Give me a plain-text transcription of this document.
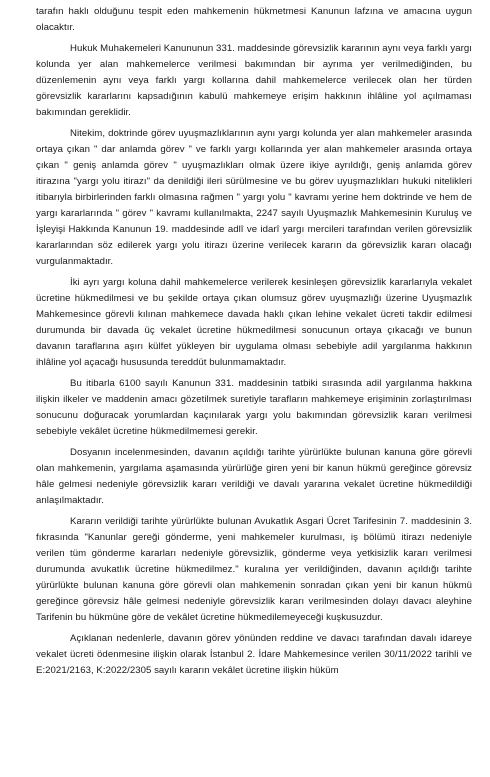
tarafın haklı olduğunu tespit eden mahkemenin hükmetmesi Kanunun lafzına ve amacına uygun olacaktır.

Hukuk Muhakemeleri Kanununun 331. maddesinde görevsizlik kararının aynı veya farklı yargı kolunda yer alan mahkemelerce verilmesi bakımından bir ayrıma yer verilmediğinden, bu düzenlemenin aynı veya farklı yargı kollarına dahil mahkemelerce verilecek olan her türden görevsizlik kararlarını kapsadığının kabulü mahkemeye erişim hakkının ihlâline yol açılmaması bakımından gereklidir.

Nitekim, doktrinde görev uyuşmazlıklarının aynı yargı kolunda yer alan mahkemeler arasında ortaya çıkan " dar anlamda görev " ve farklı yargı kollarında yer alan mahkemeler arasında ortaya çıkan " geniş anlamda görev " uyuşmazlıkları olmak üzere ikiye ayrıldığı, geniş anlamda görev itirazına "yargı yolu itirazı" da denildiği ileri sürülmesine ve bu görev uyuşmazlıkları hukuki nitelikleri itibarıyla birbirlerinden farklı olmasına rağmen " yargı yolu " kavramı yerine hem doktrinde ve hem de yargı kararlarında " görev " kavramı kullanılmakta, 2247 sayılı Uyuşmazlık Mahkemesinin Kuruluş ve İşleyişi Hakkında Kanunun 19. maddesinde adlî ve idarî yargı mercileri tarafından verilen görevsizlik kararlarından söz edilerek yargı yolu itirazı üzerine verilecek kararın da görevsizlik kararı olacağı vurgulanmaktadır.

İki ayrı yargı koluna dahil mahkemelerce verilerek kesinleşen görevsizlik kararlarıyla vekalet ücretine hükmedilmesi ve bu şekilde ortaya çıkan olumsuz görev uyuşmazlığı üzerine Uyuşmazlık Mahkemesince görevli kılınan mahkemece davada haklı çıkan lehine vekalet ücreti takdir edilmesi durumunda bir davada üç vekalet ücretine hükmedilmesi sonucunun ortaya çıkacağı ve bunun davanın taraflarına aşırı külfet yükleyen bir uygulama olması sebebiyle adil yargılanma hakkının ihlâline yol açacağı hususunda tereddüt bulunmamaktadır.

Bu itibarla 6100 sayılı Kanunun 331. maddesinin tatbiki sırasında adil yargılanma hakkına ilişkin ilkeler ve maddenin amacı gözetilmek suretiyle tarafların mahkemeye erişiminin zorlaştırılması sonucunu doğuracak yorumlardan kaçınılarak yargı yolu bakımından görevsizlik kararı verilmesi sebebiyle vekâlet ücretine hükmedilmemesi gerekir.

Dosyanın incelenmesinden, davanın açıldığı tarihte yürürlükte bulunan kanuna göre görevli olan mahkemenin, yargılama aşamasında yürürlüğe giren yeni bir kanun hükmü gereğince görevsiz hâle gelmesi nedeniyle görevsizlik kararı verildiği ve davalı yararına vekalet ücretine hükmedildiği anlaşılmaktadır.

Kararın verildiği tarihte yürürlükte bulunan Avukatlık Asgari Ücret Tarifesinin 7. maddesinin 3. fıkrasında "Kanunlar gereği gönderme, yeni mahkemeler kurulması, iş bölümü itirazı nedeniyle verilen tüm gönderme kararları nedeniyle görevsizlik, gönderme veya yetkisizlik kararı verilmesi durumunda avukatlık ücretine hükmedilmez." kuralına yer verildiğinden, davanın açıldığı tarihte yürürlükte bulunan kanuna göre görevli olan mahkemenin sonradan çıkan yeni bir kanun hükmü gereğince görevsiz hâle gelmesi nedeniyle görevsizlik kararı verilmesinden dolayı davacı aleyhine Tarifenin bu hükmüne göre de vekâlet ücretine hükmedilemeyeceği kuşkusuzdur.

Açıklanan nedenlerle, davanın görev yönünden reddine ve davacı tarafından davalı idareye vekalet ücreti ödenmesine ilişkin olarak İstanbul 2. İdare Mahkemesince verilen 30/11/2022 tarihli ve E:2021/2163, K:2022/2305 sayılı kararın vekâlet ücretine ilişkin hüküm
